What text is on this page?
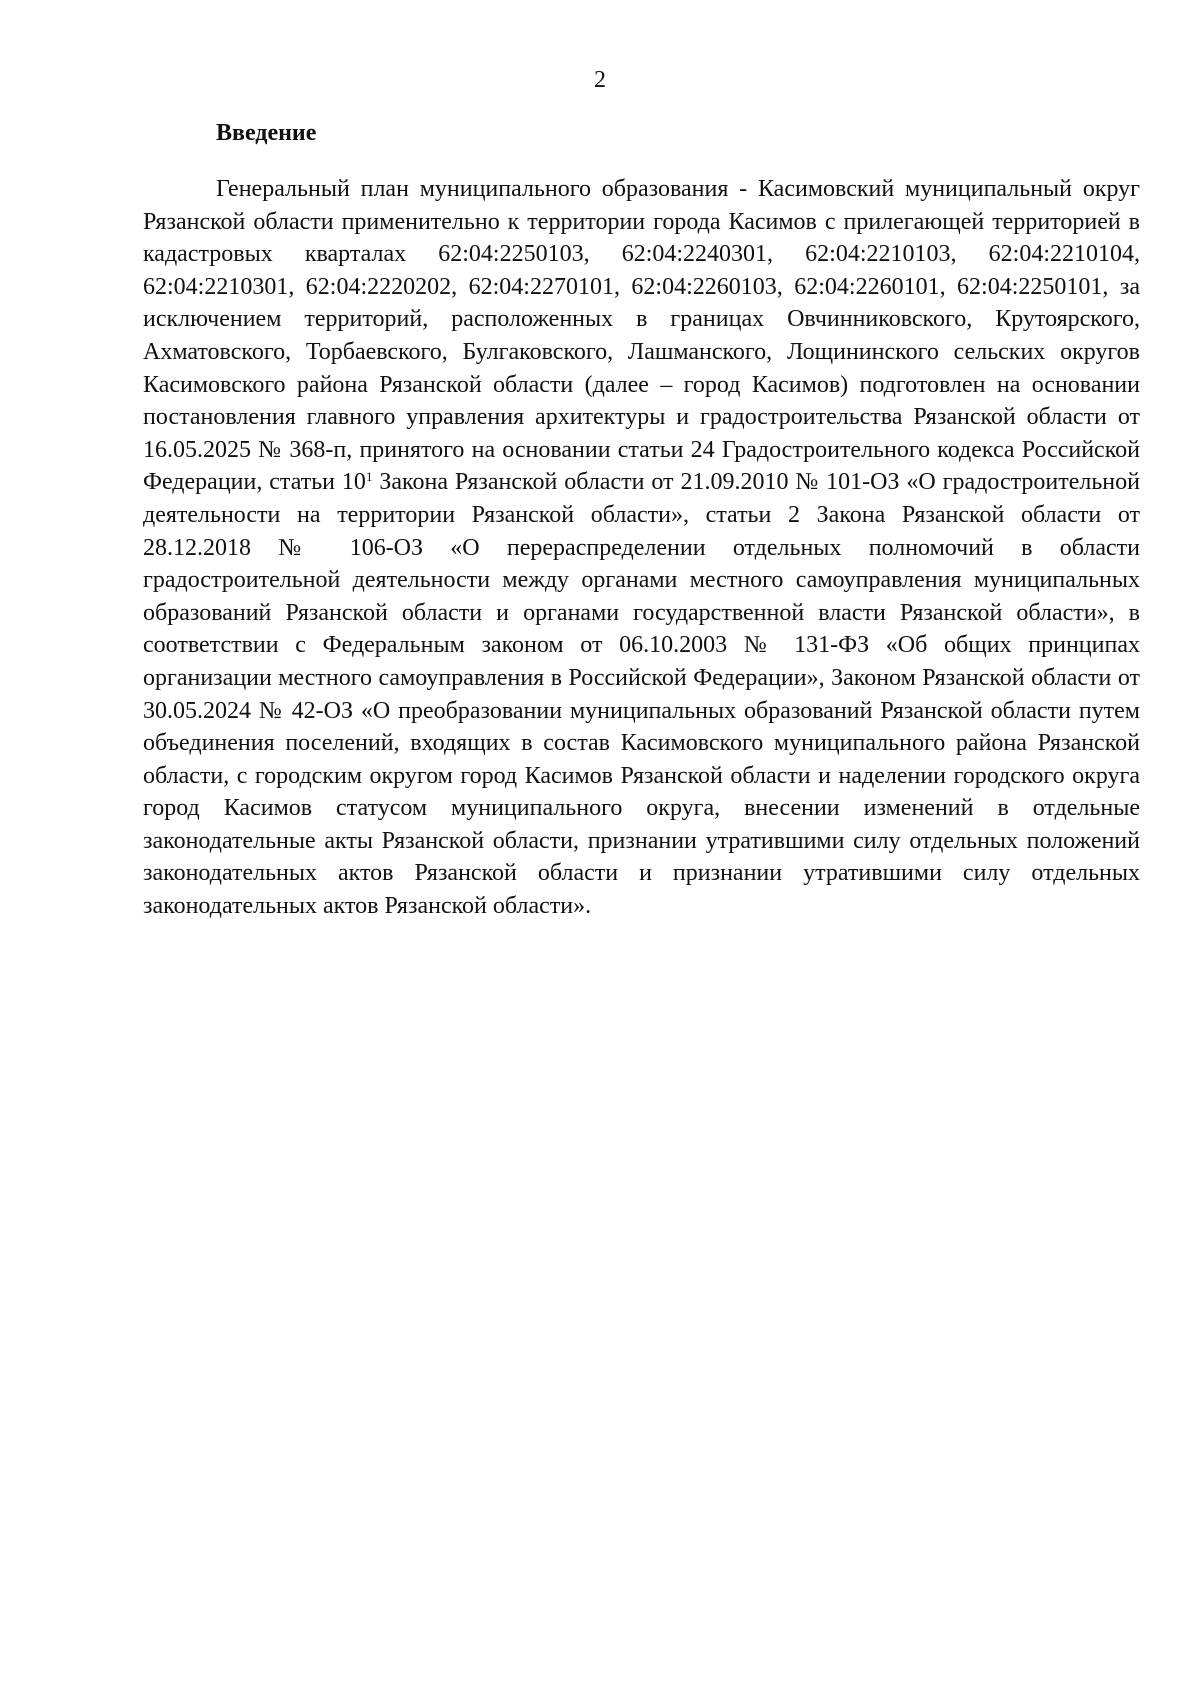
2
Введение

Генеральный план муниципального образования - Касимовский муниципальный округ Рязанской области применительно к территории города Касимов с прилегающей территорией в кадастровых кварталах 62:04:2250103, 62:04:2240301, 62:04:2210103, 62:04:2210104, 62:04:2210301, 62:04:2220202, 62:04:2270101, 62:04:2260103, 62:04:2260101, 62:04:2250101, за исключением территорий, расположенных в границах Овчинниковского, Крутоярского, Ахматовского, Торбаевского, Булгаковского, Лашманского, Лощининского сельских округов Касимовского района Рязанской области (далее – город Касимов) подготовлен на основании постановления главного управления архитектуры и градостроительства Рязанской области от 16.05.2025 № 368-п, принятого на основании статьи 24 Градостроительного кодекса Российской Федерации, статьи $10^1$ Закона Рязанской области от 21.09.2010 № 101-ОЗ «О градостроительной деятельности на территории Рязанской области», статьи 2 Закона Рязанской области от 28.12.2018 № 106-ОЗ «О перераспределении отдельных полномочий в области градостроительной деятельности между органами местного самоуправления муниципальных образований Рязанской области и органами государственной власти Рязанской области», в соответствии с Федеральным законом от 06.10.2003 № 131-ФЗ «Об общих принципах организации местного самоуправления в Российской Федерации», Законом Рязанской области от 30.05.2024 № 42-ОЗ «О преобразовании муниципальных образований Рязанской области путем объединения поселений, входящих в состав Касимовского муниципального района Рязанской области, с городским округом город Касимов Рязанской области и наделении городского округа город Касимов статусом муниципального округа, внесении изменений в отдельные законодательные акты Рязанской области, признании утратившими силу отдельных положений законодательных актов Рязанской области и признании утратившими силу отдельных законодательных актов Рязанской области».
